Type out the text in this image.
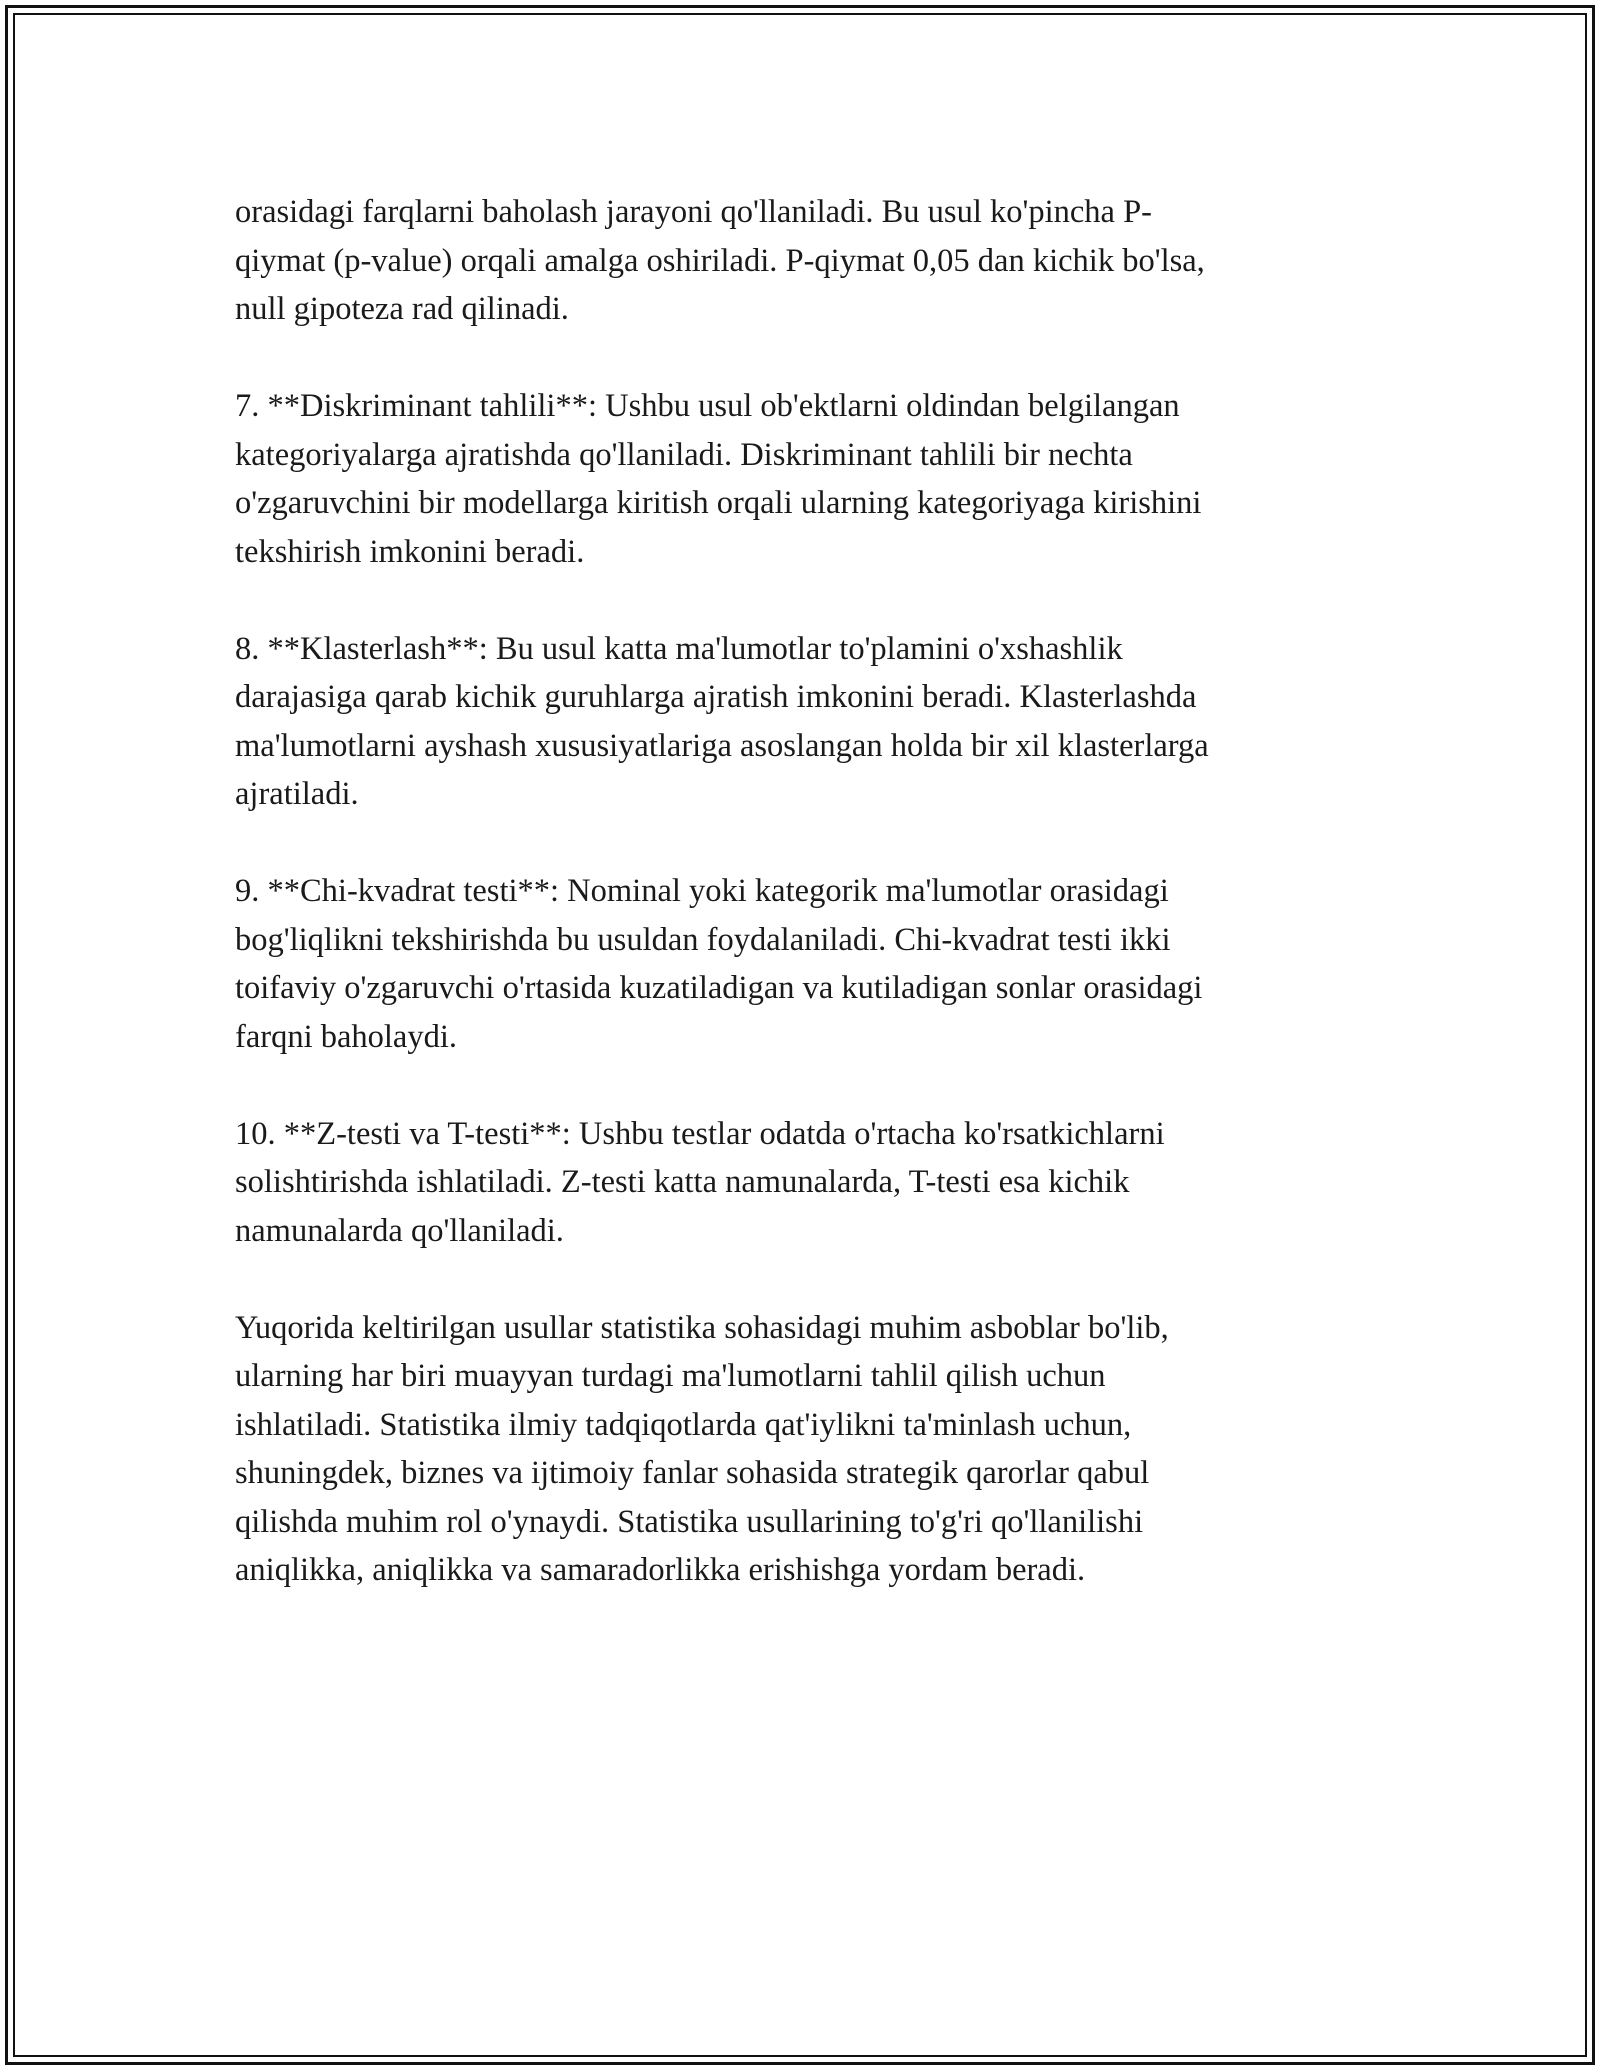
orasidagi farqlarni baholash jarayoni qo'llaniladi. Bu usul ko'pincha P-
qiymat (p-value) orqali amalga oshiriladi. P-qiymat 0,05 dan kichik bo'lsa,
null gipoteza rad qilinadi.

7. **Diskriminant tahlili**: Ushbu usul ob'ektlarni oldindan belgilangan
kategoriyalarga ajratishda qo'llaniladi. Diskriminant tahlili bir nechta
o'zgaruvchini bir modellarga kiritish orqali ularning kategoriyaga kirishini
tekshirish imkonini beradi.

8. **Klasterlash**: Bu usul katta ma'lumotlar to'plamini o'xshashlik
darajasiga qarab kichik guruhlarga ajratish imkonini beradi. Klasterlashda
ma'lumotlarni ayshash xususiyatlariga asoslangan holda bir xil klasterlarga
ajratiladi.

9. **Chi-kvadrat testi**: Nominal yoki kategorik ma'lumotlar orasidagi
bog'liqlikni tekshirishda bu usuldan foydalaniladi. Chi-kvadrat testi ikki
toifaviy o'zgaruvchi o'rtasida kuzatiladigan va kutiladigan sonlar orasidagi
farqni baholaydi.

10. **Z-testi va T-testi**: Ushbu testlar odatda o'rtacha ko'rsatkichlarni
solishtirishda ishlatiladi. Z-testi katta namunalarda, T-testi esa kichik
namunalarda qo'llaniladi.

Yuqorida keltirilgan usullar statistika sohasidagi muhim asboblar bo'lib,
ularning har biri muayyan turdagi ma'lumotlarni tahlil qilish uchun
ishlatiladi. Statistika ilmiy tadqiqotlarda qat'iylikni ta'minlash uchun,
shuningdek, biznes va ijtimoiy fanlar sohasida strategik qarorlar qabul
qilishda muhim rol o'ynaydi. Statistika usullarining to'g'ri qo'llanilishi
aniqlikka, aniqlikka va samaradorlikka erishishga yordam beradi.
